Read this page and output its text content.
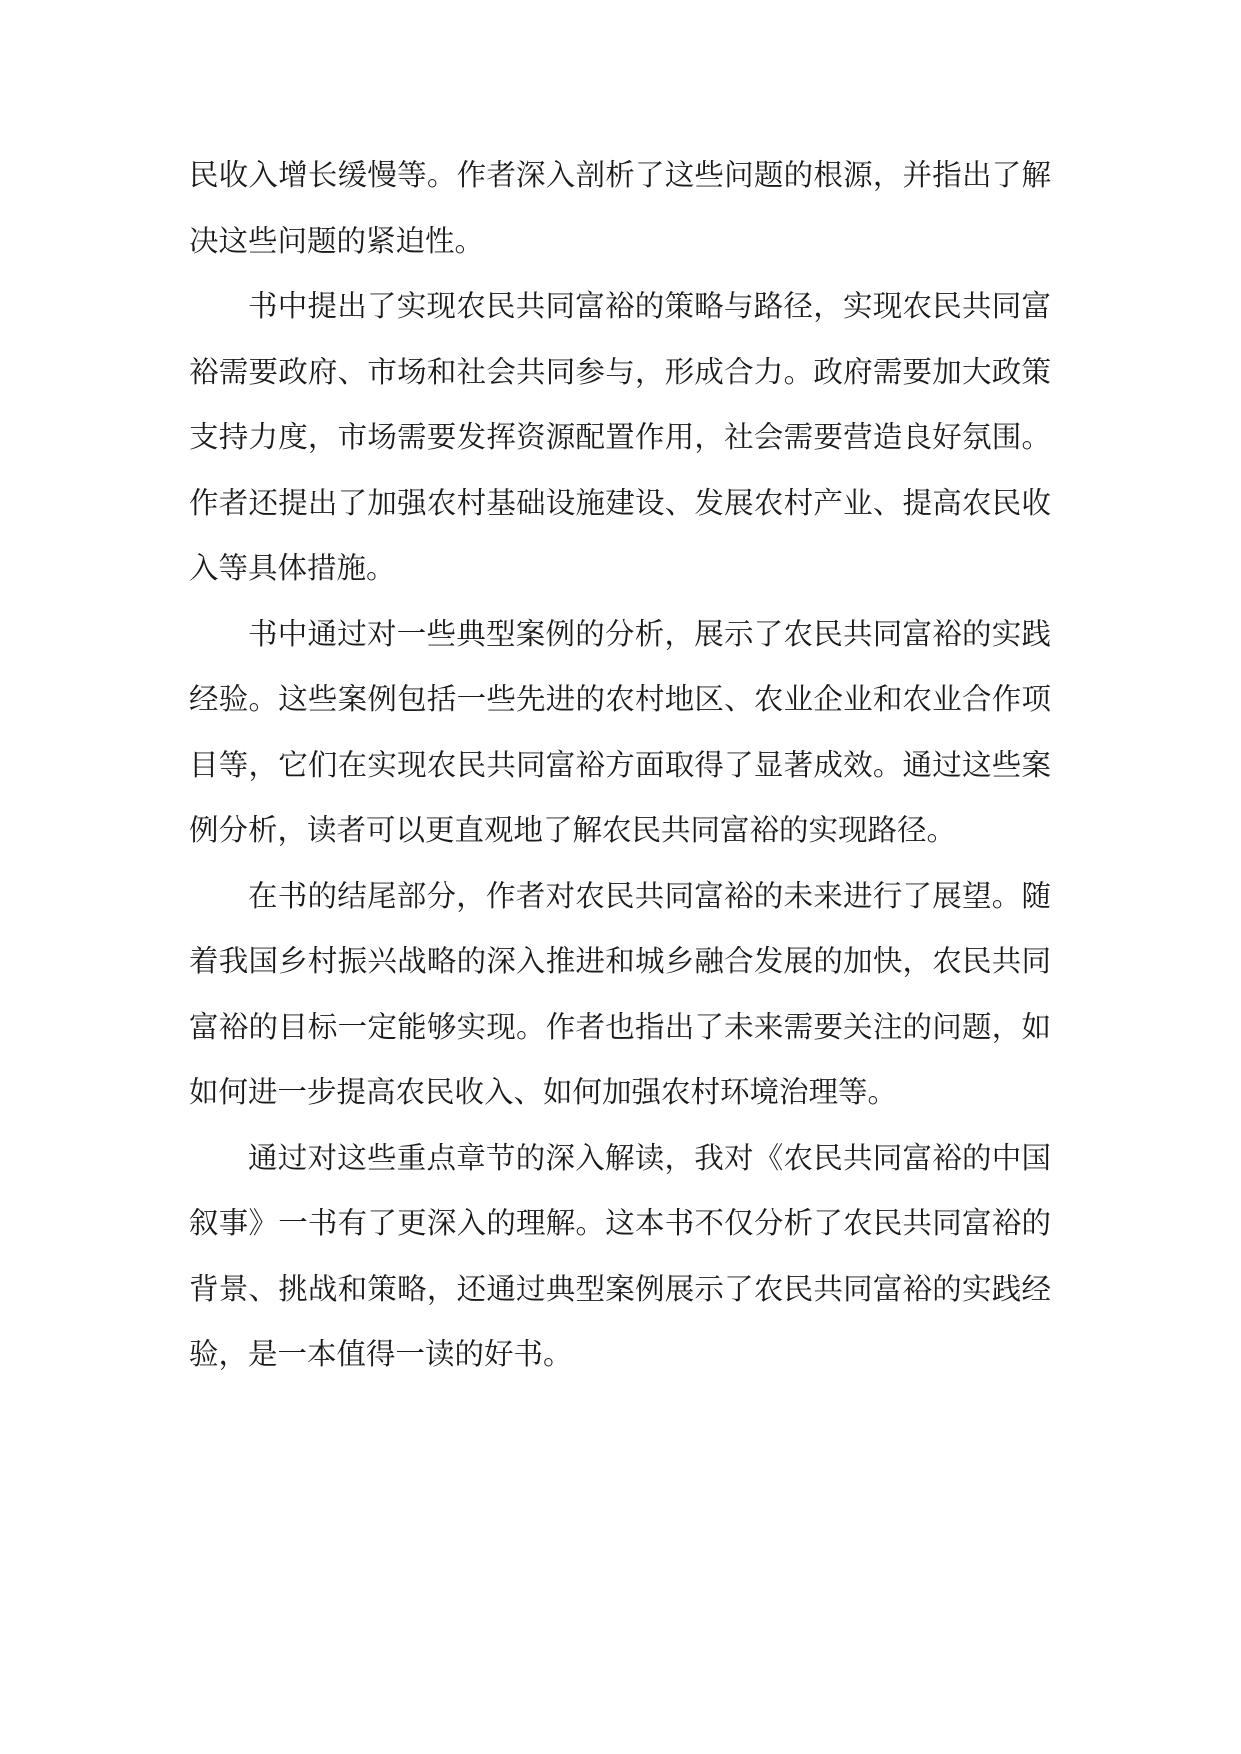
民收入增长缓慢等。作者深入剖析了这些问题的根源，并指出了解决这些问题的紧迫性。

书中提出了实现农民共同富裕的策略与路径，实现农民共同富裕需要政府、市场和社会共同参与，形成合力。政府需要加大政策支持力度，市场需要发挥资源配置作用，社会需要营造良好氛围。作者还提出了加强农村基础设施建设、发展农村产业、提高农民收入等具体措施。

书中通过对一些典型案例的分析，展示了农民共同富裕的实践经验。这些案例包括一些先进的农村地区、农业企业和农业合作项目等，它们在实现农民共同富裕方面取得了显著成效。通过这些案例分析，读者可以更直观地了解农民共同富裕的实现路径。

在书的结尾部分，作者对农民共同富裕的未来进行了展望。随着我国乡村振兴战略的深入推进和城乡融合发展的加快，农民共同富裕的目标一定能够实现。作者也指出了未来需要关注的问题，如如何进一步提高农民收入、如何加强农村环境治理等。

通过对这些重点章节的深入解读，我对《农民共同富裕的中国叙事》一书有了更深入的理解。这本书不仅分析了农民共同富裕的背景、挑战和策略，还通过典型案例展示了农民共同富裕的实践经验，是一本值得一读的好书。
